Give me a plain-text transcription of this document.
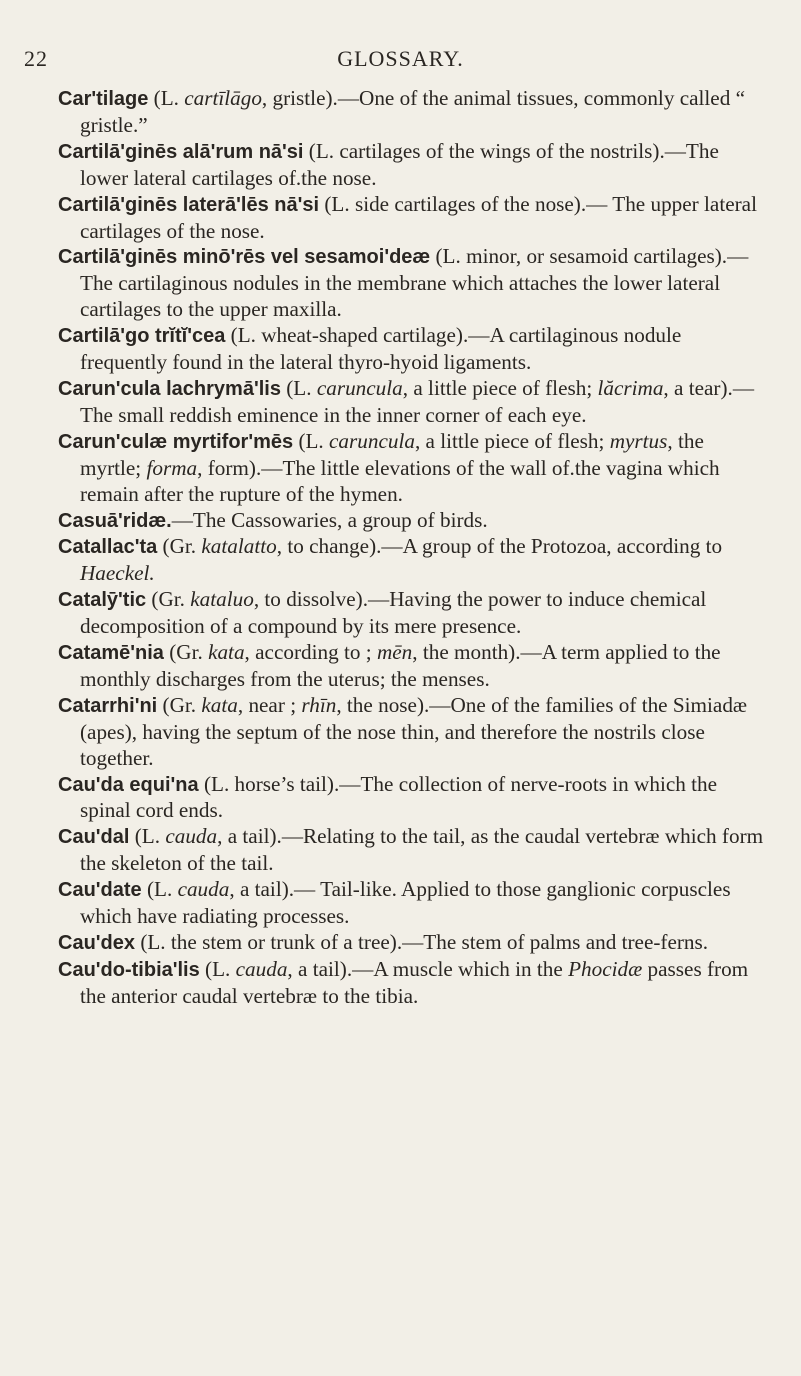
22	GLOSSARY.
Car'tilage (L. cartīlāgo, gristle).—One of the animal tissues, commonly called “ gristle.”
Cartilā'ginēs alā'rum nā'si (L. cartilages of the wings of the nostrils).—The lower lateral cartilages of.the nose.
Cartilā'ginēs laterā'lēs nā'si (L. side cartilages of the nose).— The upper lateral cartilages of the nose.
Cartilā'ginēs minō'rēs vel sesamoi'deæ (L. minor, or sesamoid cartilages).—The cartilaginous nodules in the membrane which attaches the lower lateral cartilages to the upper maxilla.
Cartilā'go trĭtĭ'cea (L. wheat-shaped cartilage).—A cartilaginous nodule frequently found in the lateral thyro-hyoid ligaments.
Carun'cula lachrymā'lis (L. caruncula, a little piece of flesh; lăcrima, a tear).—The small reddish eminence in the inner corner of each eye.
Carun'culæ myrtifor'mēs (L. caruncula, a little piece of flesh; myrtus, the myrtle; forma, form).—The little elevations of the wall of.the vagina which remain after the rupture of the hymen.
Casuā'ridæ.—The Cassowaries, a group of birds.
Catallac'ta (Gr. katalatto, to change).—A group of the Protozoa, according to Haeckel.
Catalȳ'tic (Gr. kataluo, to dissolve).—Having the power to induce chemical decomposition of a compound by its mere presence.
Catamē'nia (Gr. kata, according to ; mēn, the month).—A term applied to the monthly discharges from the uterus; the menses.
Catarrhi'ni (Gr. kata, near ; rhīn, the nose).—One of the families of the Simiadæ (apes), having the septum of the nose thin, and therefore the nostrils close together.
Cau'da equi'na (L. horse’s tail).—The collection of nerve-roots in which the spinal cord ends.
Cau'dal (L. cauda, a tail).—Relating to the tail, as the caudal vertebræ which form the skeleton of the tail.
Cau'date (L. cauda, a tail).— Tail-like. Applied to those ganglionic corpuscles which have radiating processes.
Cau'dex (L. the stem or trunk of a tree).—The stem of palms and tree-ferns.
Cau'do-tibia'lis (L. cauda, a tail).—A muscle which in the Phocidæ passes from the anterior caudal vertebræ to the tibia.
